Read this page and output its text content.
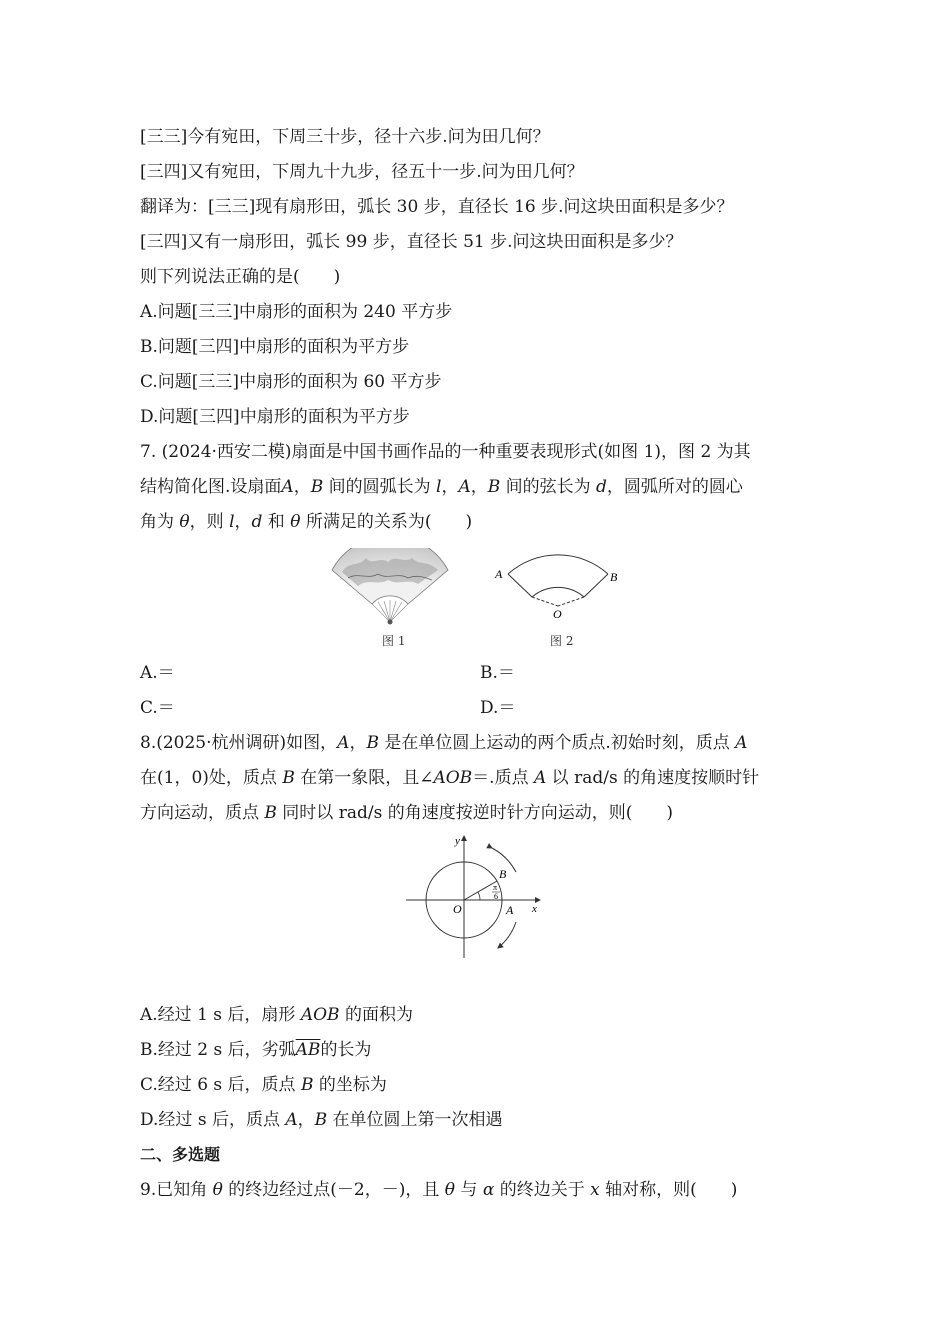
[三三]今有宛田，下周三十步，径十六步.问为田几何？
[三四]又有宛田，下周九十九步，径五十一步.问为田几何？
翻译为：[三三]现有扇形田，弧长 30 步，直径长 16 步.问这块田面积是多少？
[三四]又有一扇形田，弧长 99 步，直径长 51 步.问这块田面积是多少？
则下列说法正确的是(　　)
A.问题[三三]中扇形的面积为 240 平方步
B.问题[三四]中扇形的面积为平方步
C.问题[三三]中扇形的面积为 60 平方步
D.问题[三四]中扇形的面积为平方步
7. (2024·西安二模)扇面是中国书画作品的一种重要表现形式(如图 1)，图 2 为其
结构简化图.设扇面A，B 间的圆弧长为 l，A，B 间的弦长为 d，圆弧所对的圆心
角为 θ，则 l，d 和 θ 所满足的关系为(　　)
图 1
A	B
O
图 2
A.＝	B.＝
C.＝	D.＝
8.(2025·杭州调研)如图，A，B 是在单位圆上运动的两个质点.初始时刻，质点 A
在(1，0)处，质点 B 在第一象限，且∠AOB＝.质点 A 以 rad/s 的角速度按顺时针
方向运动，质点 B 同时以 rad/s 的角速度按逆时针方向运动，则(　　)
y
x
O	A
B
π
6
A.经过 1 s 后，扇形 AOB 的面积为
B.经过 2 s 后，劣弧$\overline{AB}$的长为
C.经过 6 s 后，质点 B 的坐标为
D.经过 s 后，质点 A，B 在单位圆上第一次相遇
二、多选题
9.已知角 θ 的终边经过点(－2，－)，且 θ 与 α 的终边关于 x 轴对称，则(　　)
